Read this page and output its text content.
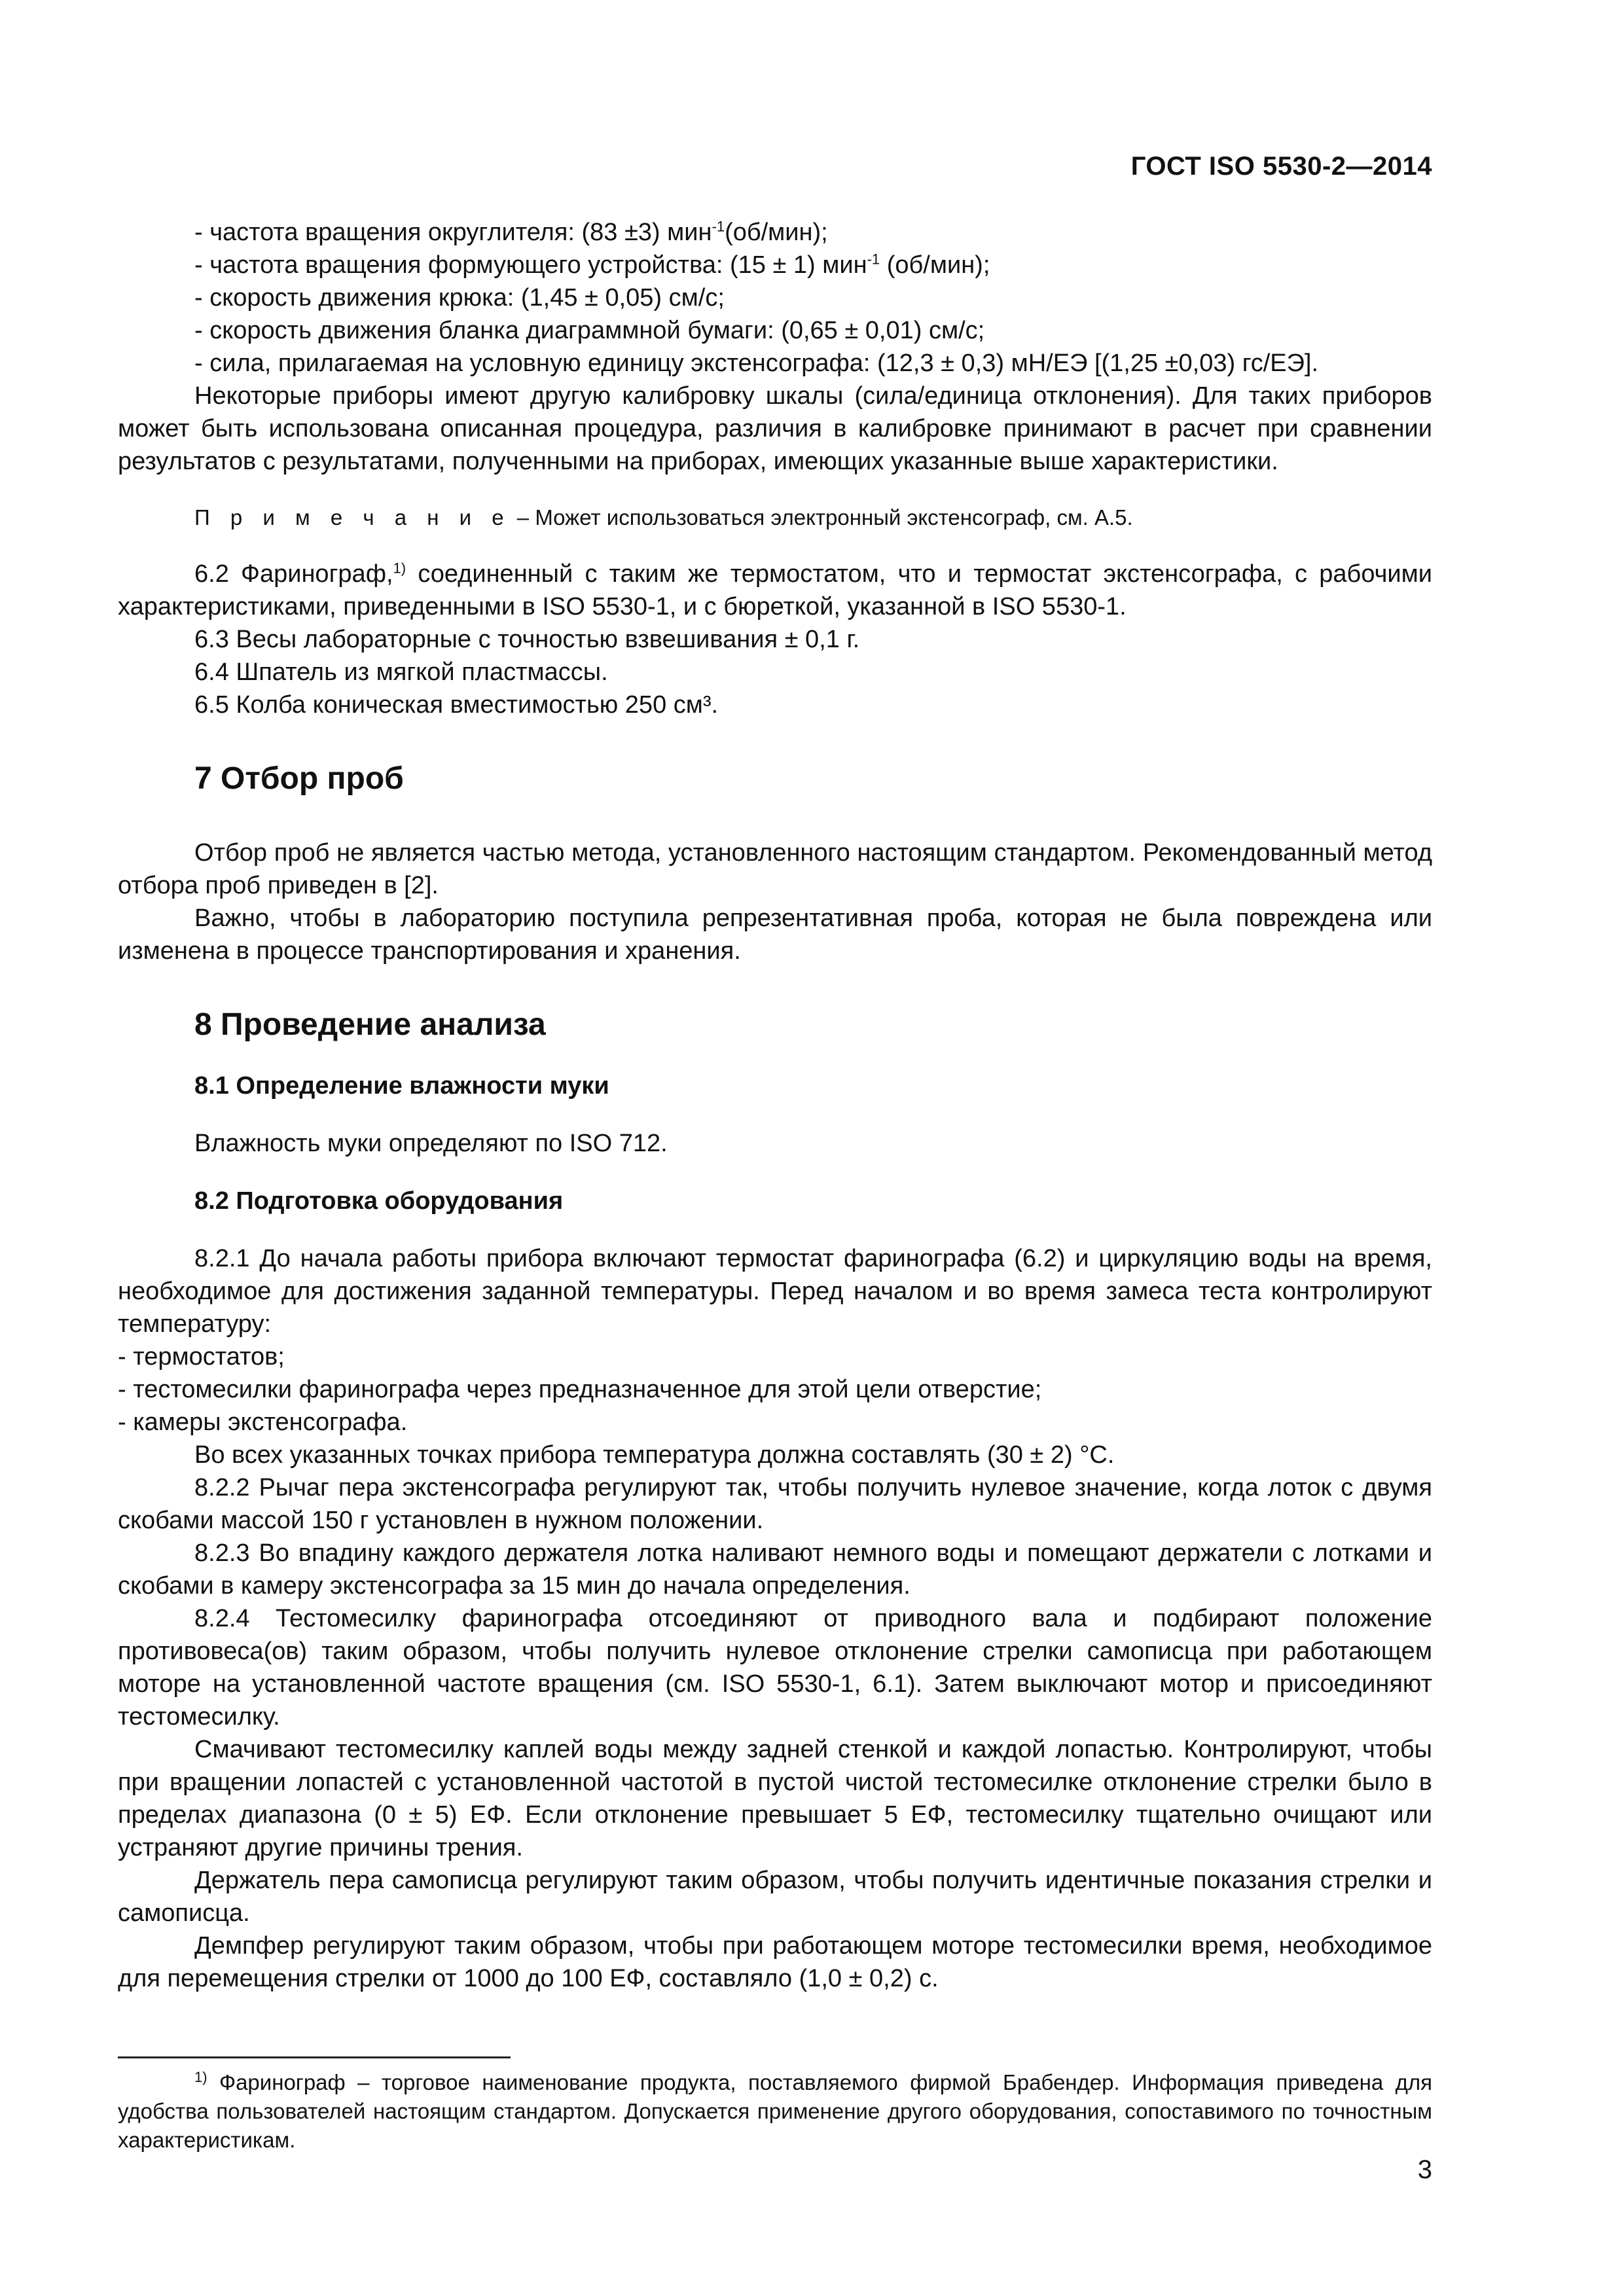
ГОСТ ISO 5530-2—2014

- частота вращения округлителя: (83 ±3) мин$^{-1}$(об/мин);

- частота вращения формующего устройства: (15 ± 1) мин$^{-1}$ (об/мин);

- скорость движения крюка: (1,45 ± 0,05) см/с;

- скорость движения бланка диаграммной бумаги: (0,65 ± 0,01) см/с;

- сила, прилагаемая на условную единицу экстенсографа: (12,3 ± 0,3) мН/ЕЭ [(1,25 ±0,03) гс/ЕЭ].

Некоторые приборы имеют другую калибровку шкалы (сила/единица отклонения). Для таких приборов может быть использована описанная процедура, различия в калибровке принимают в расчет при сравнении результатов с результатами, полученными на приборах, имеющих указанные выше характеристики.

П р и м е ч а н и е – Может использоваться электронный экстенсограф, см. А.5.

6.2 Фаринограф,$^{1)}$ соединенный с таким же термостатом, что и термостат экстенсографа, с рабочими характеристиками, приведенными в ISO 5530-1, и с бюреткой, указанной в ISO 5530-1.

6.3 Весы лабораторные с точностью взвешивания ± 0,1 г.

6.4 Шпатель из мягкой пластмассы.

6.5 Колба коническая вместимостью 250 см³.

7 Отбор проб

Отбор проб не является частью метода, установленного настоящим стандартом. Рекомендованный метод отбора проб приведен в [2].

Важно, чтобы в лабораторию поступила репрезентативная проба, которая не была повреждена или изменена в процессе транспортирования и хранения.

8 Проведение анализа

8.1 Определение влажности муки

Влажность муки определяют по ISO 712.

8.2 Подготовка оборудования

8.2.1 До начала работы прибора включают термостат фаринографа (6.2) и циркуляцию воды на время, необходимое для достижения заданной температуры. Перед началом и во время замеса теста контролируют температуру:

- термостатов;

- тестомесилки фаринографа через предназначенное для этой цели отверстие;

- камеры экстенсографа.

Во всех указанных точках прибора температура должна составлять (30 ± 2) °С.

8.2.2 Рычаг пера экстенсографа регулируют так, чтобы получить нулевое значение, когда лоток с двумя скобами массой 150 г установлен в нужном положении.

8.2.3 Во впадину каждого держателя лотка наливают немного воды и помещают держатели с лотками и скобами в камеру экстенсографа за 15 мин до начала определения.

8.2.4 Тестомесилку фаринографа отсоединяют от приводного вала и подбирают положение противовеса(ов) таким образом, чтобы получить нулевое отклонение стрелки самописца при работающем моторе на установленной частоте вращения (см. ISO 5530-1, 6.1). Затем выключают мотор и присоединяют тестомесилку.

Смачивают тестомесилку каплей воды между задней стенкой и каждой лопастью. Контролируют, чтобы при вращении лопастей с установленной частотой в пустой чистой тестомесилке отклонение стрелки было в пределах диапазона (0 ± 5) ЕФ. Если отклонение превышает 5 ЕФ, тестомесилку тщательно очищают или устраняют другие причины трения.

Держатель пера самописца регулируют таким образом, чтобы получить идентичные показания стрелки и самописца.

Демпфер регулируют таким образом, чтобы при работающем моторе тестомесилки время, необходимое для перемещения стрелки от 1000 до 100 ЕФ, составляло (1,0 ± 0,2) с.

$^{1)}$ Фаринограф – торговое наименование продукта, поставляемого фирмой Брабендер. Информация приведена для удобства пользователей настоящим стандартом. Допускается применение другого оборудования, сопоставимого по точностным характеристикам.
3
